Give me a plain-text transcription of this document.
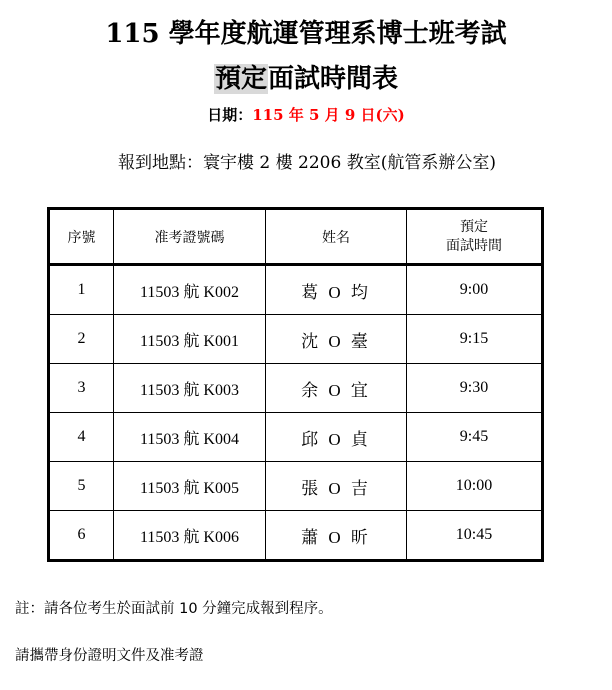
115 學年度航運管理系博士班考試
預定面試時間表
日期：115 年 5 月 9 日(六)
報到地點：寰宇樓 2 樓 2206 教室(航管系辦公室)
序號	准考證號碼	姓名	預定
面試時間
1	11503 航 K002	葛 O 均	9:00
2	11503 航 K001	沈 O 臺	9:15
3	11503 航 K003	余 O 宜	9:30
4	11503 航 K004	邱 O 貞	9:45
5	11503 航 K005	張 O 吉	10:00
6	11503 航 K006	蕭 O 昕	10:45
註：請各位考生於面試前 10 分鐘完成報到程序。
請攜帶身份證明文件及准考證
